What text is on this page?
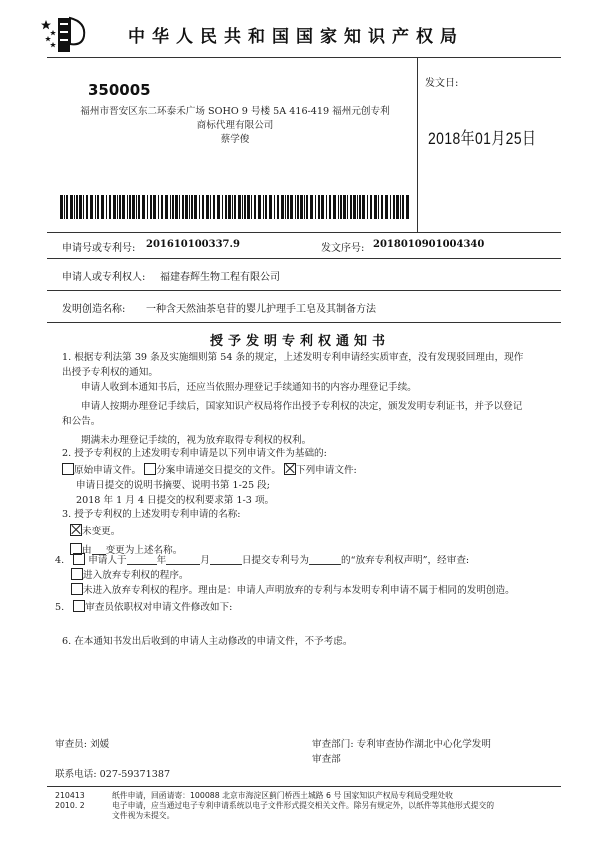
中华人民共和国国家知识产权局
350005
福州市晋安区东二环泰禾广场 SOHO 9 号楼 5A 416-419 福州元创专利
商标代理有限公司
蔡学俊
发文日:
2018年01月25日
申请号或专利号: 201610100337.9	发文序号: 2018010901004340
申请人或专利权人: 福建春辉生物工程有限公司
发明创造名称: 一种含天然油茶皂苷的婴儿护理手工皂及其制备方法
授予发明专利权通知书
1. 根据专利法第 39 条及实施细则第 54 条的规定，上述发明专利申请经实质审查，没有发现驳回理由，现作
出授予专利权的通知。
申请人收到本通知书后，还应当依照办理登记手续通知书的内容办理登记手续。
申请人按期办理登记手续后，国家知识产权局将作出授予专利权的决定，颁发发明专利证书，并予以登记
和公告。
期满未办理登记手续的，视为放弃取得专利权的权利。
2. 授予专利权的上述发明专利申请是以下列申请文件为基础的:
原始申请文件。 分案申请递交日提交的文件。 下列申请文件:
申请日提交的说明书摘要、说明书第 1-25 段;
2018 年 1 月 4 日提交的权利要求第 1-3 项。
3. 授予专利权的上述发明专利申请的名称:
未变更。
由 变更为上述名称。
4.	申请人于	年	月	日提交专利号为	的“放弃专利权声明”，经审查:
进入放弃专利权的程序。
未进入放弃专利权的程序。理由是：申请人声明放弃的专利与本发明专利申请不属于相同的发明创造。
5. 审查员依职权对申请文件修改如下:
6. 在本通知书发出后收到的申请人主动修改的申请文件，不予考虑。
审查员: 刘媛	审查部门: 专利审查协作湖北中心化学发明
审查部
联系电话: 027-59371387
210413
2010. 2
纸件申请，回函请寄：100088 北京市海淀区蓟门桥西土城路 6 号 国家知识产权局专利局受理处收
电子申请，应当通过电子专利申请系统以电子文件形式提交相关文件。除另有规定外，以纸件等其他形式提交的
文件视为未提交。
